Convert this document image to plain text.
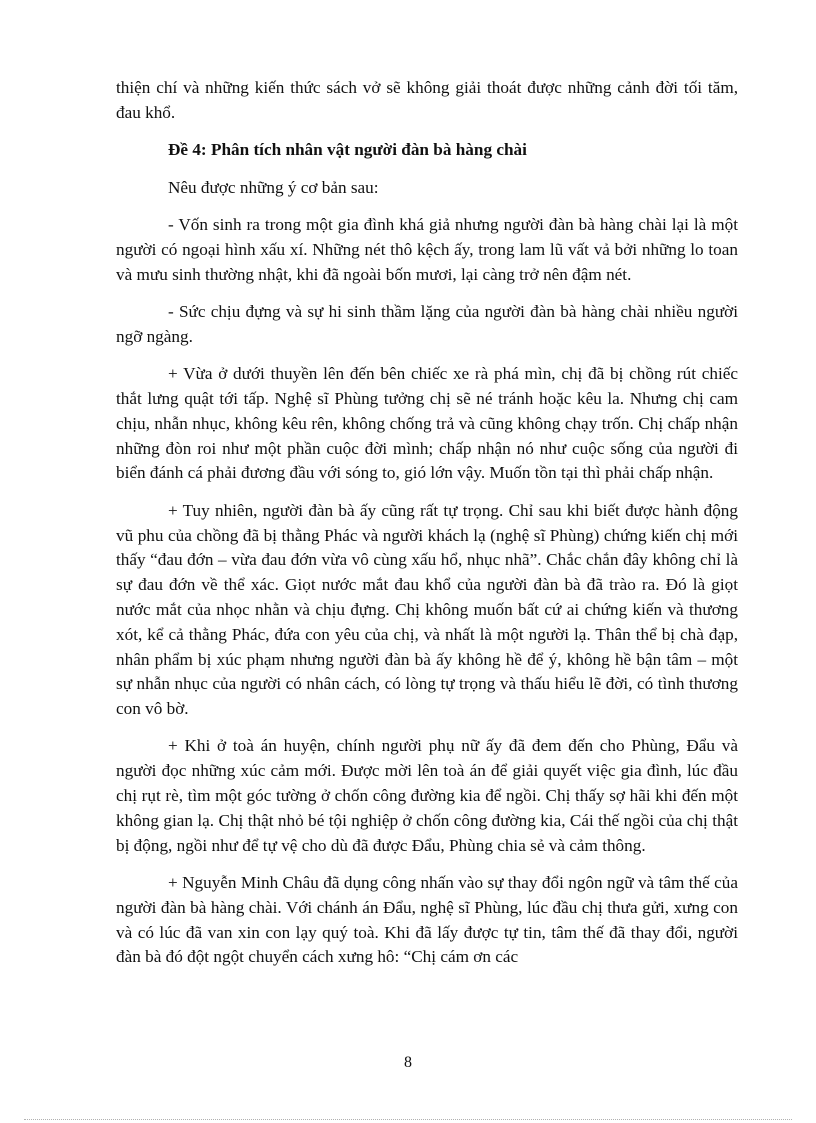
thiện chí và những kiến thức sách vở sẽ không giải thoát được những cảnh đời tối tăm, đau khổ.

Đề 4: Phân tích nhân vật người đàn bà hàng chài

Nêu được những ý cơ bản sau:

- Vốn sinh ra trong một gia đình khá giả nhưng người đàn bà hàng chài lại là một người có ngoại hình xấu xí. Những nét thô kệch ấy, trong lam lũ vất vả bởi những lo toan và mưu sinh thường nhật, khi đã ngoài bốn mươi, lại càng trở nên đậm nét.

- Sức chịu đựng và sự hi sinh thầm lặng của người đàn bà hàng chài nhiều người ngỡ ngàng.

+ Vừa ở dưới thuyền lên đến bên chiếc xe rà phá mìn, chị đã bị chồng rút chiếc thắt lưng quật tới tấp. Nghệ sĩ Phùng tưởng chị sẽ né tránh hoặc kêu la. Nhưng chị cam chịu, nhẫn nhục, không kêu rên, không chống trả và cũng không chạy trốn. Chị chấp nhận những đòn roi như một phần cuộc đời mình; chấp nhận nó như cuộc sống của người đi biển đánh cá phải đương đầu với sóng to, gió lớn vậy. Muốn tồn tại thì phải chấp nhận.

+ Tuy nhiên, người đàn bà ấy cũng rất tự trọng. Chỉ sau khi biết được hành động vũ phu của chồng đã bị thằng Phác và người khách lạ (nghệ sĩ Phùng) chứng kiến chị mới thấy “đau đớn – vừa đau đớn vừa vô cùng xấu hổ, nhục nhã”. Chắc chắn đây không chỉ là sự đau đớn về thể xác. Giọt nước mắt đau khổ của người đàn bà đã trào ra. Đó là giọt nước mắt của nhọc nhằn và chịu đựng. Chị không muốn bất cứ ai chứng kiến và thương xót, kể cả thằng Phác, đứa con yêu của chị, và nhất là một người lạ. Thân thể bị chà đạp, nhân phẩm bị xúc phạm nhưng người đàn bà ấy không hề để ý, không hề bận tâm – một sự nhẫn nhục của người có nhân cách, có lòng tự trọng và thấu hiểu lẽ đời, có tình thương con vô bờ.

+ Khi ở toà án huyện, chính người phụ nữ ấy đã đem đến cho Phùng, Đẩu và người đọc những xúc cảm mới. Được mời lên toà án để giải quyết việc gia đình, lúc đầu chị rụt rè, tìm một góc tường ở chốn công đường kia để ngồi. Chị thấy sợ hãi khi đến một không gian lạ. Chị thật nhỏ bé tội nghiệp ở chốn công đường kia, Cái thế ngồi của chị thật bị động, ngồi như để tự vệ cho dù đã được Đẩu, Phùng chia sẻ và cảm thông.

+ Nguyễn Minh Châu đã dụng công nhấn vào sự thay đổi ngôn ngữ và tâm thế của người đàn bà hàng chài. Với chánh án Đẩu, nghệ sĩ Phùng, lúc đầu chị thưa gửi, xưng con và có lúc đã van xin con lạy quý toà. Khi đã lấy được tự tin, tâm thế đã thay đổi, người đàn bà đó đột ngột chuyển cách xưng hô: “Chị cám ơn các

8
